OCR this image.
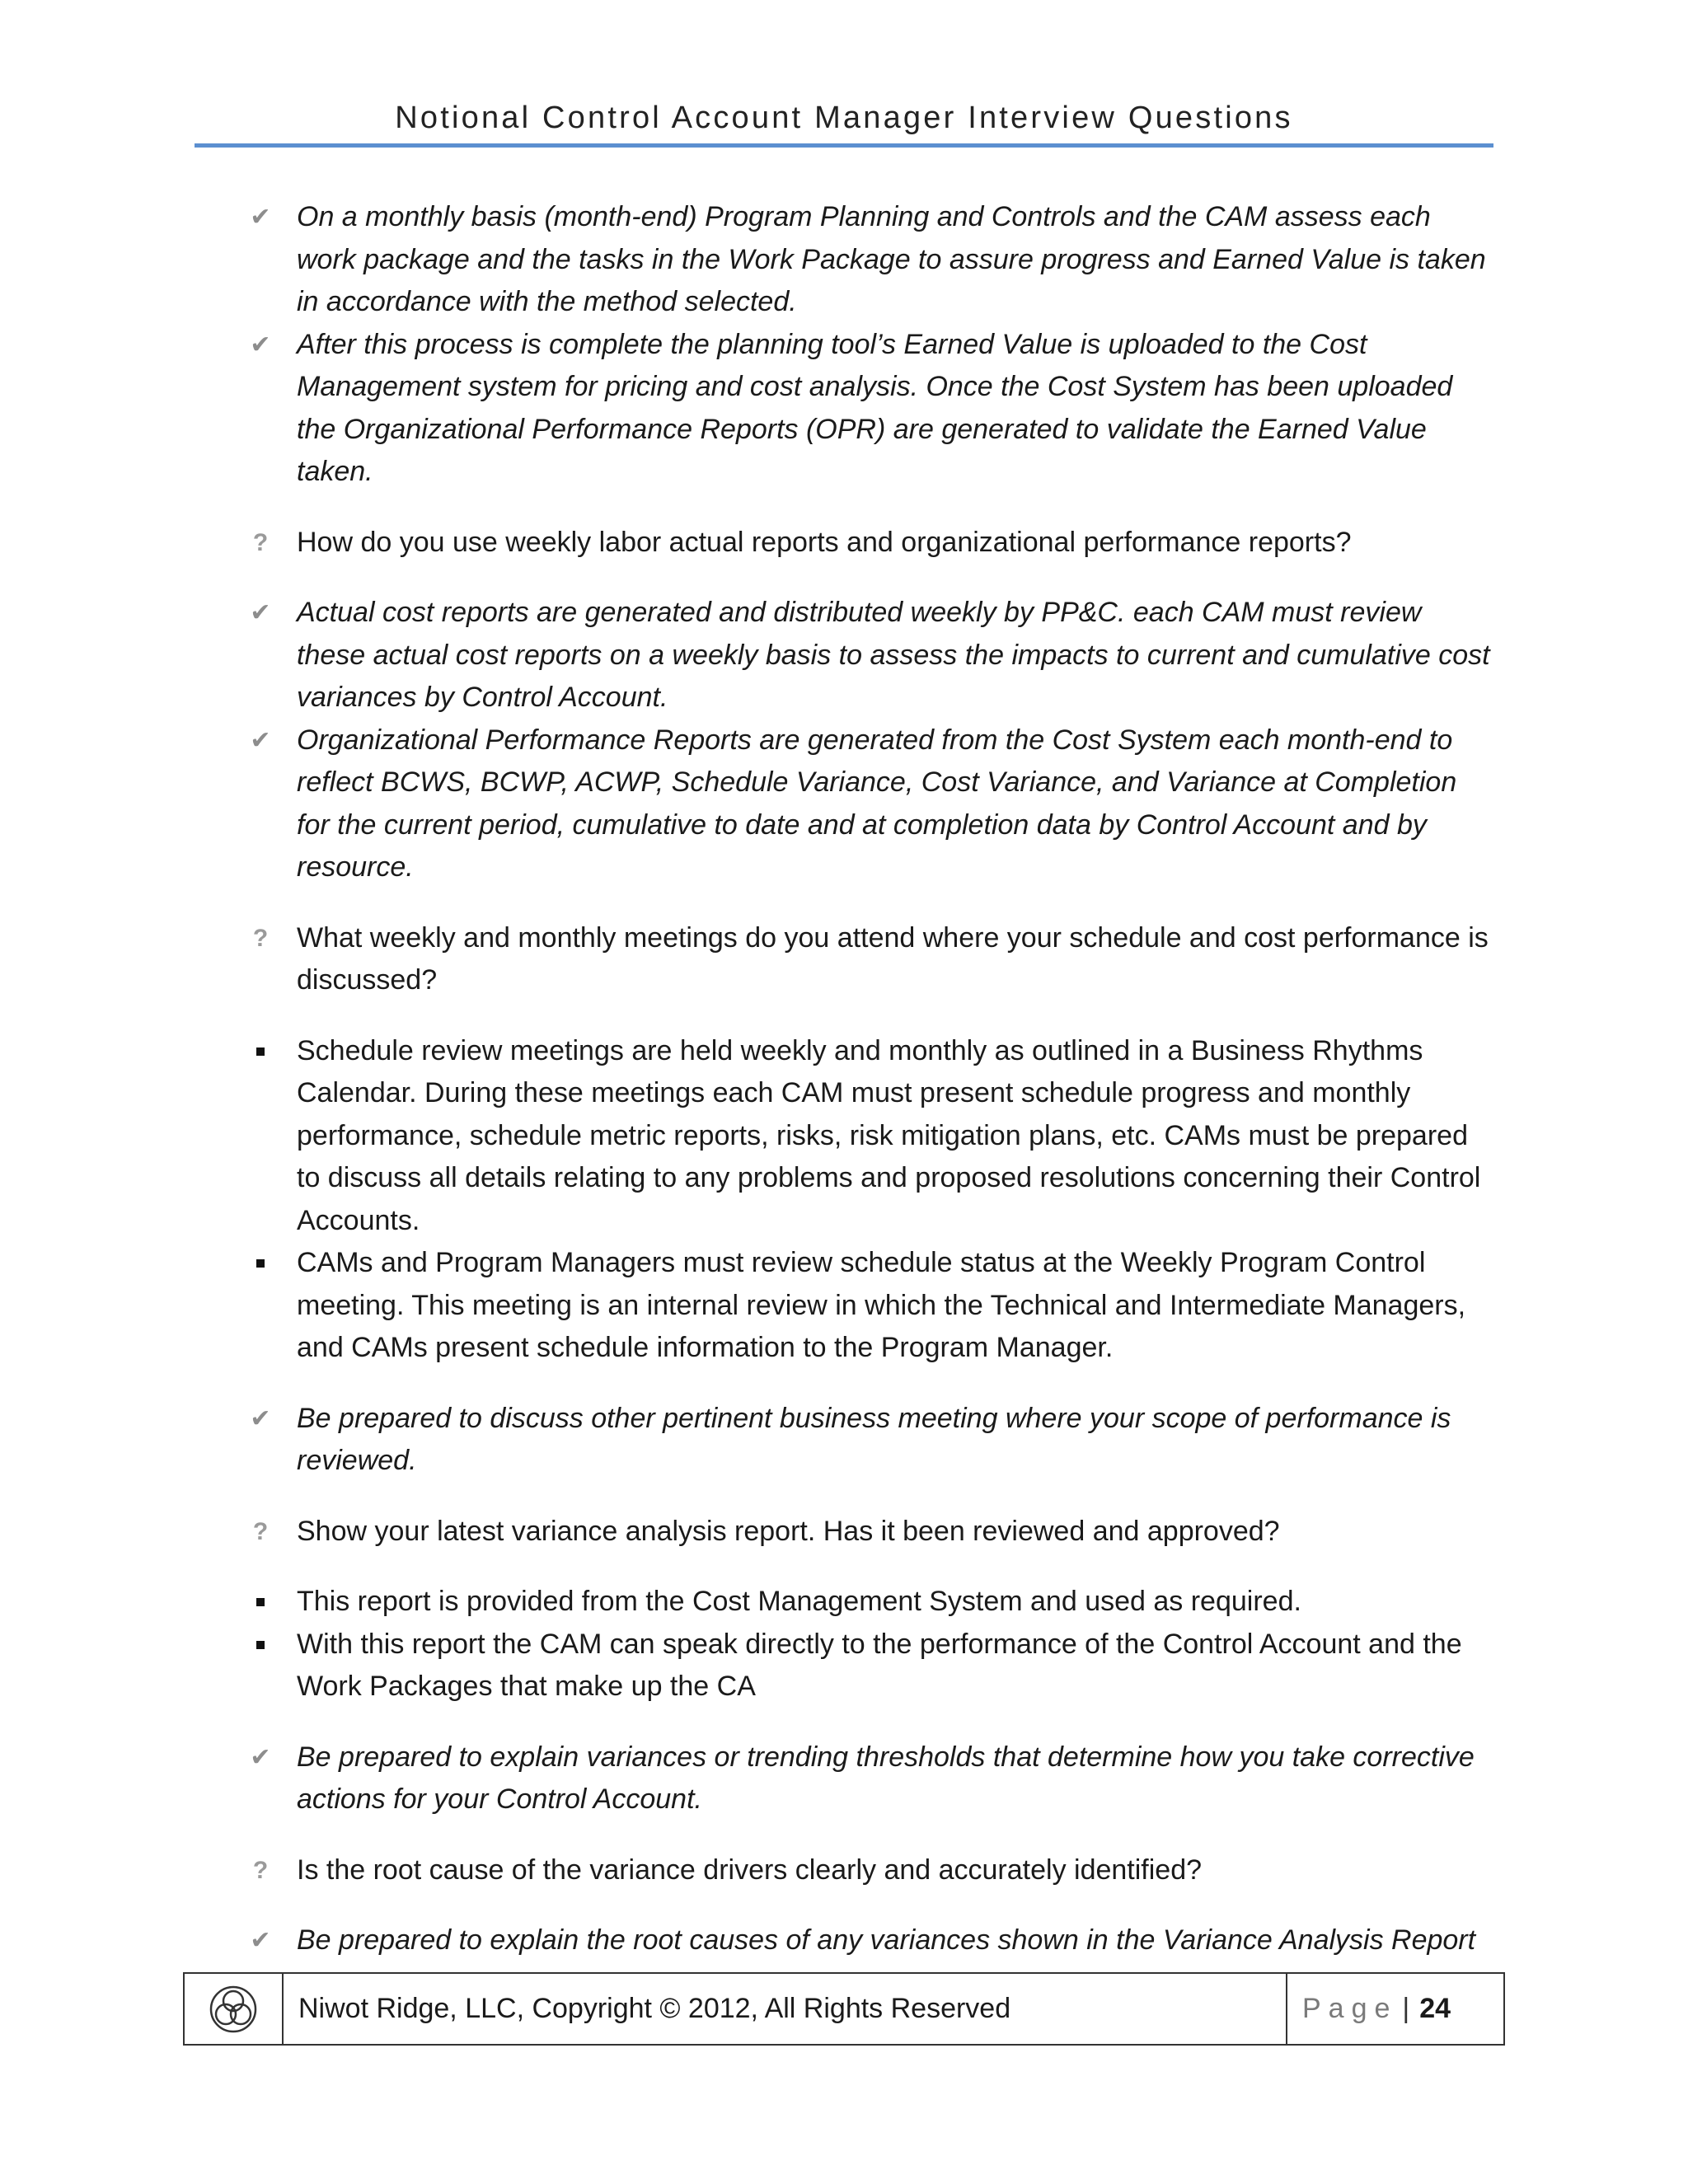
Notional Control Account Manager Interview Questions
✔ On a monthly basis (month-end) Program Planning and Controls and the CAM assess each work package and the tasks in the Work Package to assure progress and Earned Value is taken in accordance with the method selected.
✔ After this process is complete the planning tool’s Earned Value is uploaded to the Cost Management system for pricing and cost analysis. Once the Cost System has been uploaded the Organizational Performance Reports (OPR) are generated to validate the Earned Value taken.
? How do you use weekly labor actual reports and organizational performance reports?
✔ Actual cost reports are generated and distributed weekly by PP&C. each CAM must review these actual cost reports on a weekly basis to assess the impacts to current and cumulative cost variances by Control Account.
✔ Organizational Performance Reports are generated from the Cost System each month-end to reflect BCWS, BCWP, ACWP, Schedule Variance, Cost Variance, and Variance at Completion for the current period, cumulative to date and at completion data by Control Account and by resource.
? What weekly and monthly meetings do you attend where your schedule and cost performance is discussed?
Schedule review meetings are held weekly and monthly as outlined in a Business Rhythms Calendar. During these meetings each CAM must present schedule progress and monthly performance, schedule metric reports, risks, risk mitigation plans, etc. CAMs must be prepared to discuss all details relating to any problems and proposed resolutions concerning their Control Accounts.
CAMs and Program Managers must review schedule status at the Weekly Program Control meeting. This meeting is an internal review in which the Technical and Intermediate Managers, and CAMs present schedule information to the Program Manager.
✔ Be prepared to discuss other pertinent business meeting where your scope of performance is reviewed.
? Show your latest variance analysis report. Has it been reviewed and approved?
This report is provided from the Cost Management System and used as required.
With this report the CAM can speak directly to the performance of the Control Account and the Work Packages that make up the CA
✔ Be prepared to explain variances or trending thresholds that determine how you take corrective actions for your Control Account.
? Is the root cause of the variance drivers clearly and accurately identified?
✔ Be prepared to explain the root causes of any variances shown in the Variance Analysis Report
Niwot Ridge, LLC, Copyright © 2012, All Rights Reserved	Page | 24
